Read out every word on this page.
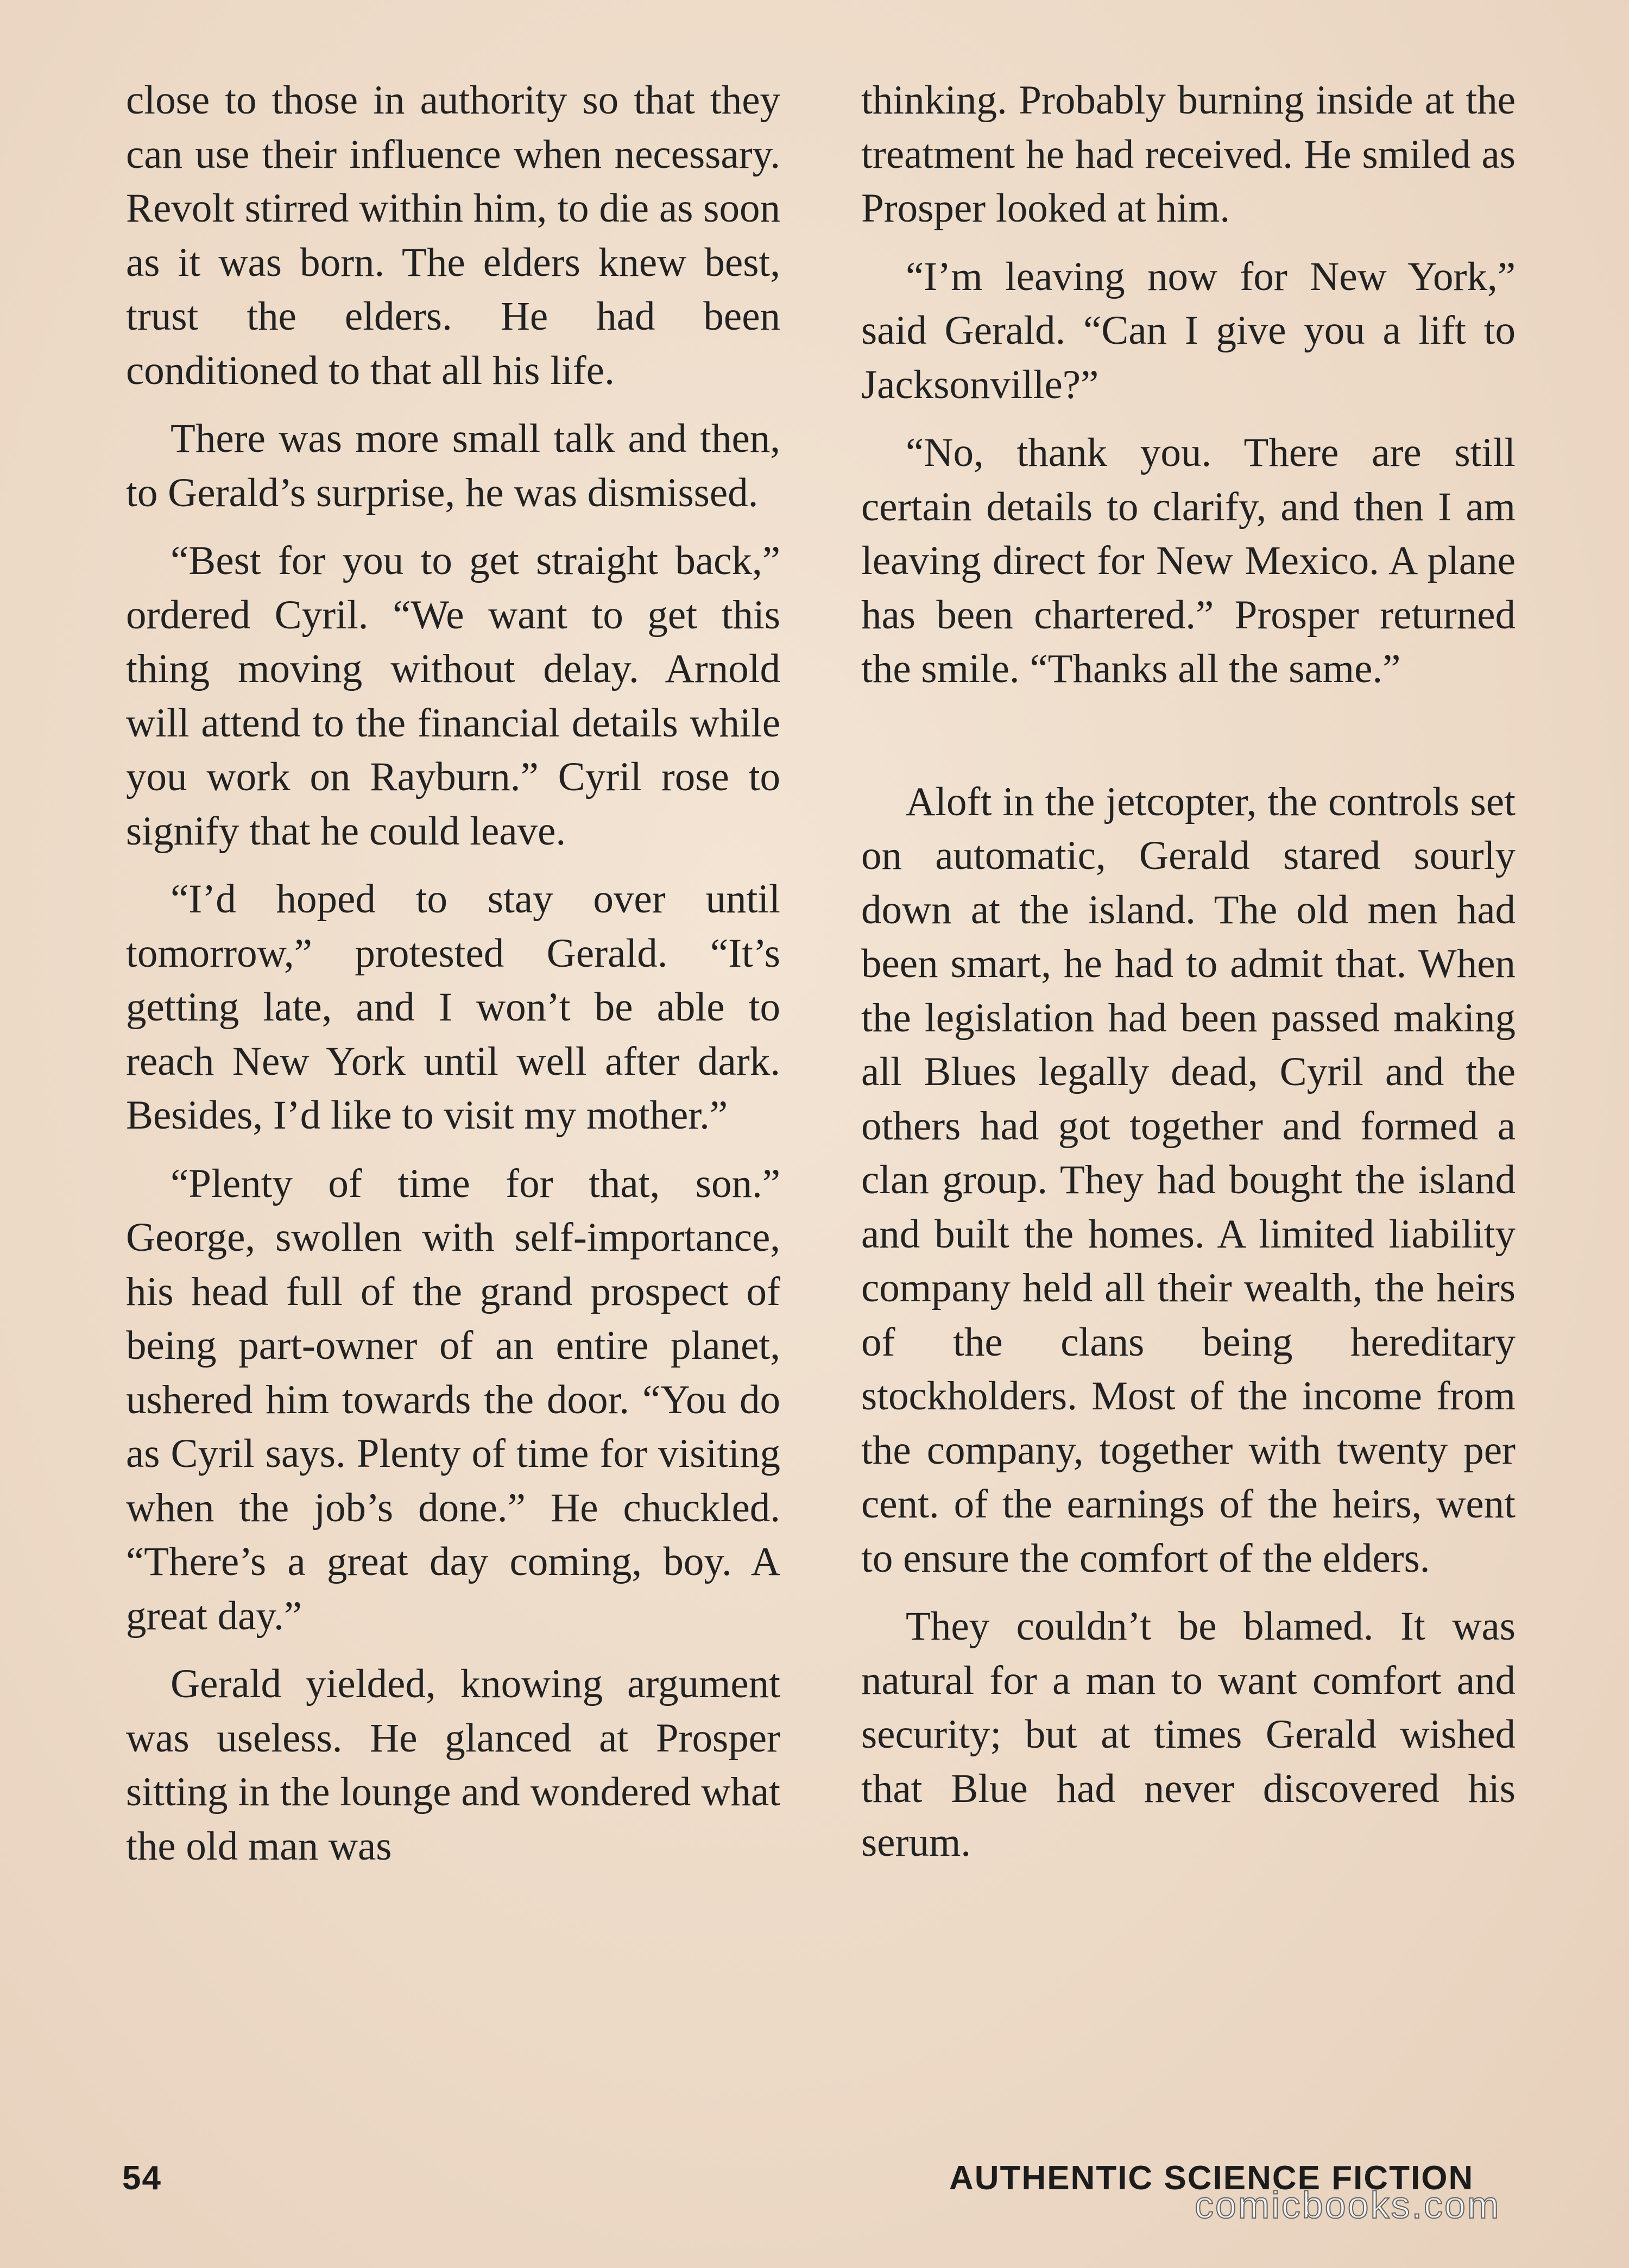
close to those in authority so that they can use their influence when necessary. Revolt stirred within him, to die as soon as it was born. The elders knew best, trust the elders. He had been conditioned to that all his life.

There was more small talk and then, to Gerald’s surprise, he was dismissed.

“Best for you to get straight back,” ordered Cyril. “We want to get this thing moving without delay. Arnold will attend to the financial details while you work on Rayburn.” Cyril rose to signify that he could leave.

“I’d hoped to stay over until tomorrow,” protested Gerald. “It’s getting late, and I won’t be able to reach New York until well after dark. Besides, I’d like to visit my mother.”

“Plenty of time for that, son.” George, swollen with self-importance, his head full of the grand prospect of being part-owner of an entire planet, ushered him towards the door. “You do as Cyril says. Plenty of time for visiting when the job’s done.” He chuckled. “There’s a great day coming, boy. A great day.”

Gerald yielded, knowing argument was useless. He glanced at Prosper sitting in the lounge and wondered what the old man was

thinking. Probably burning inside at the treatment he had received. He smiled as Prosper looked at him.

“I’m leaving now for New York,” said Gerald. “Can I give you a lift to Jacksonville?”

“No, thank you. There are still certain details to clarify, and then I am leaving direct for New Mexico. A plane has been chartered.” Prosper returned the smile. “Thanks all the same.”

Aloft in the jetcopter, the controls set on automatic, Gerald stared sourly down at the island. The old men had been smart, he had to admit that. When the legislation had been passed making all Blues legally dead, Cyril and the others had got together and formed a clan group. They had bought the island and built the homes. A limited liability company held all their wealth, the heirs of the clans being hereditary stockholders. Most of the income from the company, together with twenty per cent. of the earnings of the heirs, went to ensure the comfort of the elders.

They couldn’t be blamed. It was natural for a man to want comfort and security; but at times Gerald wished that Blue had never discovered his serum.

54	AUTHENTIC SCIENCE FICTION
comicbooks.com
